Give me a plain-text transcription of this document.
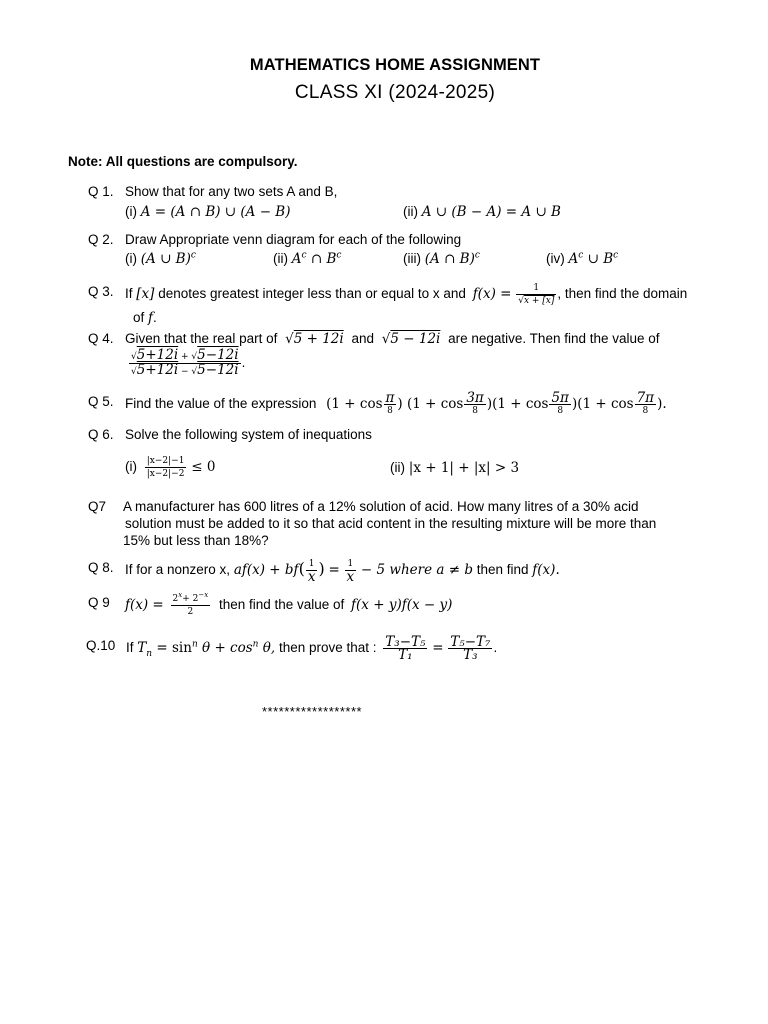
MATHEMATICS HOME ASSIGNMENT
CLASS XI (2024-2025)
Note: All questions are compulsory.
Q 1. Show that for any two sets A and B,
(i) A = (A ∩ B) ∪ (A − B)	(ii) A ∪ (B − A) = A ∪ B
Q 2. Draw Appropriate venn diagram for each of the following
(i) (A ∪ B)$^c$	(ii) $A^c$ ∩ $B^c$	(iii) (A ∩ B)$^c$	(iv) $A^c$ ∪ $B^c$
Q 3. If [x] denotes greatest integer less than or equal to x and $f(x) = \frac{1}{√x + [x]}$ , then find the domain
of f.
Q 4. Given that the real part of √5 + 12i and √5 − 12i are negative. Then find the value of
$\frac{√5+12i + √5-12i}{√5+12i - √5-12i}$ .
Q 5. Find the value of the expression ($1 + \cos \frac{\pi}{8}$ ) $(1 + \cos \frac{3\pi}{8} )(1 + \cos \frac{5\pi}{8} )(1 + \cos \frac{7\pi}{8}$ ).
Q 6. Solve the following system of inequations
$(i) \frac{|x-2|-1}{|x-2|-2} \le 0$	(ii) |x + 1| + |x| > 3
Q7 A manufacturer has 600 litres of a 12% solution of acid. How many litres of a 30% acid
solution must be added to it so that acid content in the resulting mixture will be more than
15% but less than 18%?
Q 8. If for a nonzero x, $af(x) + bf( \frac{1}{x}$ ) = $\frac{1}{x} - 5$ where a ≠ b then find f(x).
Q 9 $f(x) = \frac{2^x+ 2^{-x}}{2}$ then find the value of f(x + y)f(x − y)
Q.10 If $T_n = \sin^n \theta + \cos^n \theta$, then prove that : $\frac{\text{T₃−T₅}}{\text{T₁}} = \frac{\text{T₅−T₇}}{\text{T₃}}$ .
******************
